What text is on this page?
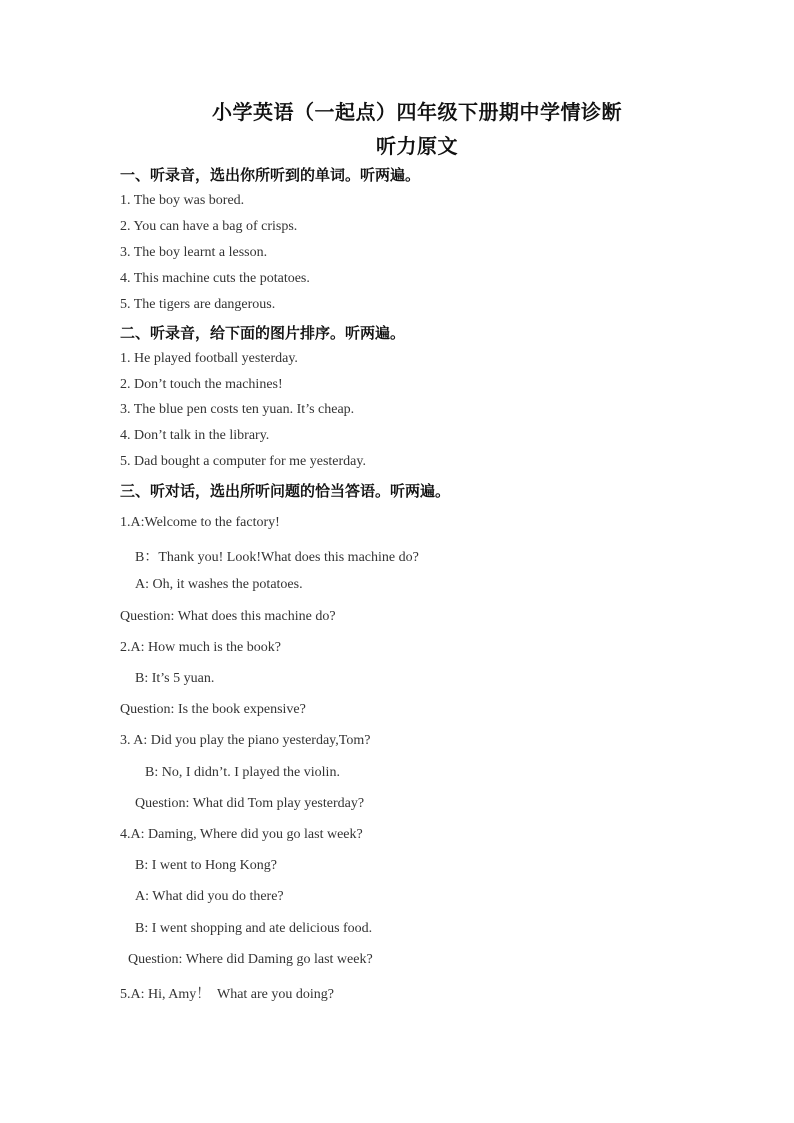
小学英语（一起点）四年级下册期中学情诊断
听力原文
一、听录音，选出你所听到的单词。听两遍。
1. The boy was bored.
2. You can have a bag of crisps.
3. The boy learnt a lesson.
4. This machine cuts the potatoes.
5. The tigers are dangerous.
二、听录音，给下面的图片排序。听两遍。
1. He played football yesterday.
2. Don’t touch the machines!
3. The blue pen costs ten yuan. It’s cheap.
4. Don’t talk in the library.
5. Dad bought a computer for me yesterday.
三、听对话，选出所听问题的恰当答语。听两遍。
1.A:Welcome to the factory!
B：Thank you! Look!What does this machine do?
A: Oh, it washes the potatoes.
Question: What does this machine do?
2.A: How much is the book?
B: It’s 5 yuan.
Question: Is the book expensive?
3. A: Did you play the piano yesterday,Tom?
B: No, I didn’t. I played the violin.
Question: What did Tom play yesterday?
4.A: Daming, Where did you go last week?
B: I went to Hong Kong?
A: What did you do there?
B: I went shopping and ate delicious food.
Question: Where did Daming go last week?
5.A: Hi, Amy！  What are you doing?
